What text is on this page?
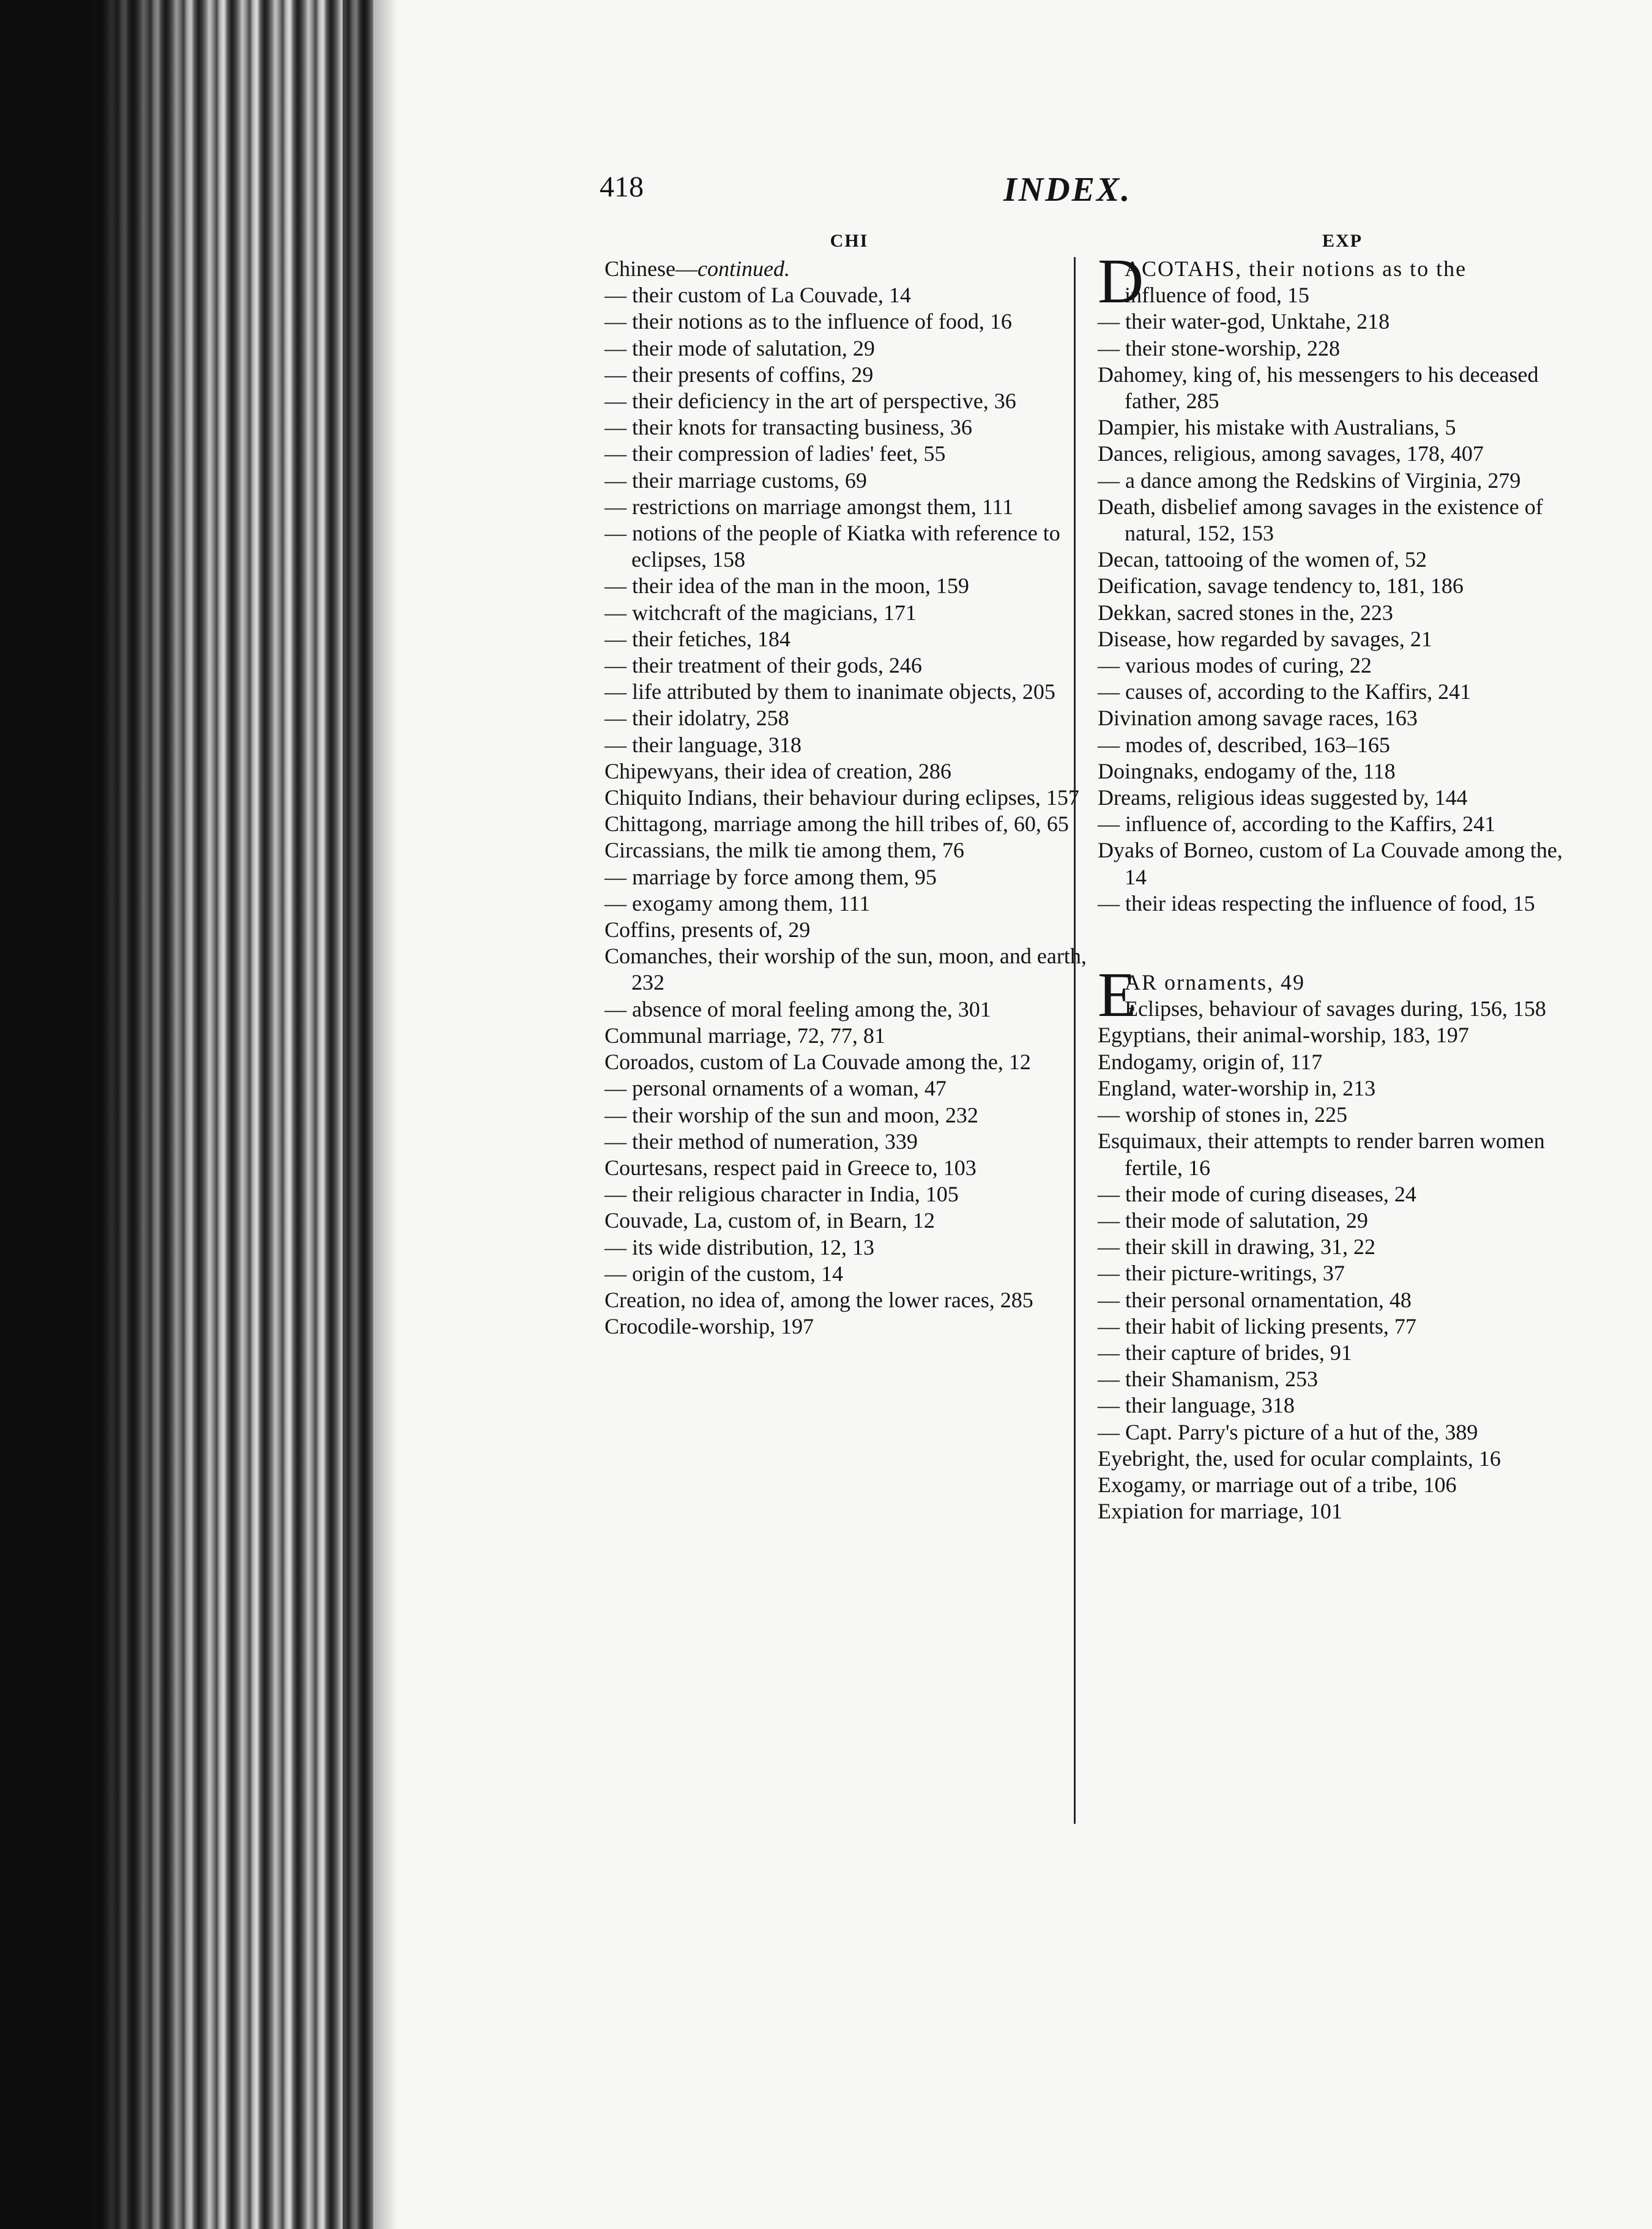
418	INDEX.
CHI

Chinese—continued.

— their custom of La Couvade, 14

— their notions as to the influence of food, 16

— their mode of salutation, 29

— their presents of coffins, 29

— their deficiency in the art of perspective, 36

— their knots for transacting business, 36

— their compression of ladies' feet, 55

— their marriage customs, 69

— restrictions on marriage amongst them, 111

— notions of the people of Kiatka with reference to eclipses, 158

— their idea of the man in the moon, 159

— witchcraft of the magicians, 171

— their fetiches, 184

— their treatment of their gods, 246

— life attributed by them to inanimate objects, 205

— their idolatry, 258

— their language, 318

Chipewyans, their idea of creation, 286

Chiquito Indians, their behaviour during eclipses, 157

Chittagong, marriage among the hill tribes of, 60, 65

Circassians, the milk tie among them, 76

— marriage by force among them, 95

— exogamy among them, 111

Coffins, presents of, 29

Comanches, their worship of the sun, moon, and earth, 232

— absence of moral feeling among the, 301

Communal marriage, 72, 77, 81

Coroados, custom of La Couvade among the, 12

— personal ornaments of a woman, 47

— their worship of the sun and moon, 232

— their method of numeration, 339

Courtesans, respect paid in Greece to, 103

— their religious character in India, 105

Couvade, La, custom of, in Bearn, 12

— its wide distribution, 12, 13

— origin of the custom, 14

Creation, no idea of, among the lower races, 285

Crocodile-worship, 197

EXP
D
ACOTAHS, their notions as to the
influence of food, 15

— their water-god, Unktahe, 218

— their stone-worship, 228

Dahomey, king of, his messengers to his deceased father, 285

Dampier, his mistake with Australians, 5

Dances, religious, among savages, 178, 407

— a dance among the Redskins of Virginia, 279

Death, disbelief among savages in the existence of natural, 152, 153

Decan, tattooing of the women of, 52

Deification, savage tendency to, 181, 186

Dekkan, sacred stones in the, 223

Disease, how regarded by savages, 21

— various modes of curing, 22

— causes of, according to the Kaffirs, 241

Divination among savage races, 163

— modes of, described, 163–165

Doingnaks, endogamy of the, 118

Dreams, religious ideas suggested by, 144

— influence of, according to the Kaffirs, 241

Dyaks of Borneo, custom of La Couvade among the, 14

— their ideas respecting the influence of food, 15

E
AR ornaments, 49
Eclipses, behaviour of savages during, 156, 158

Egyptians, their animal-worship, 183, 197

Endogamy, origin of, 117

England, water-worship in, 213

— worship of stones in, 225

Esquimaux, their attempts to render barren women fertile, 16

— their mode of curing diseases, 24

— their mode of salutation, 29

— their skill in drawing, 31, 22

— their picture-writings, 37

— their personal ornamentation, 48

— their habit of licking presents, 77

— their capture of brides, 91

— their Shamanism, 253

— their language, 318

— Capt. Parry's picture of a hut of the, 389

Eyebright, the, used for ocular complaints, 16

Exogamy, or marriage out of a tribe, 106

Expiation for marriage, 101
